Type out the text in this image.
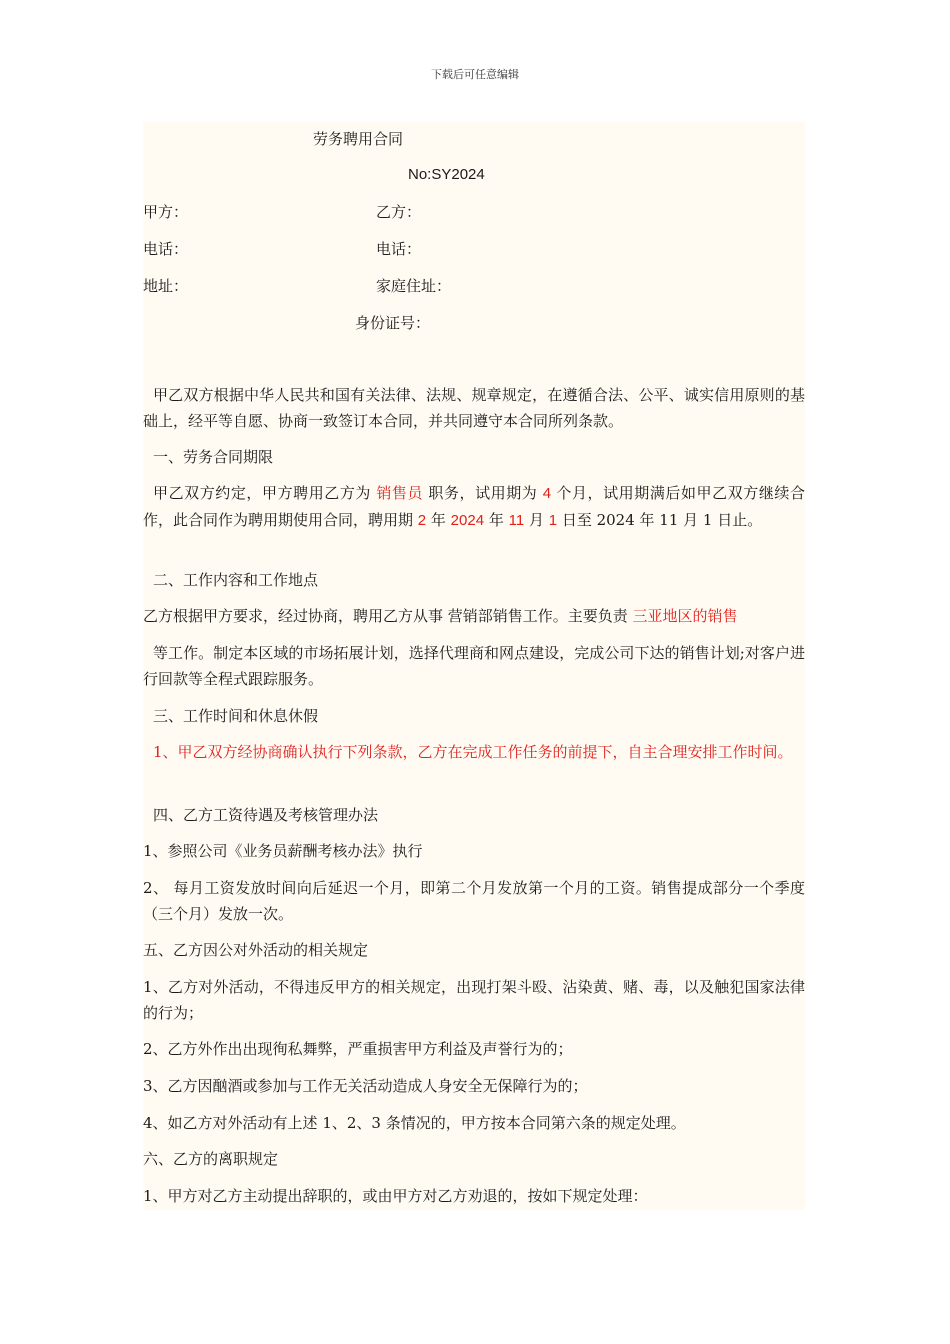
下载后可任意编辑
劳务聘用合同
No:SY2024
甲方：	乙方：
电话：	电话：
地址：	家庭住址：
身份证号：
甲乙双方根据中华人民共和国有关法律、法规、规章规定，在遵循合法、公平、诚实信用原则的基础上，经平等自愿、协商一致签订本合同，并共同遵守本合同所列条款。
一、劳务合同期限
甲乙双方约定，甲方聘用乙方为 销售员 职务，试用期为 4 个月，试用期满后如甲乙双方继续合作，此合同作为聘用期使用合同，聘用期 2 年 2024 年 11 月 1 日至 2024 年 11 月 1 日止。
二、工作内容和工作地点
乙方根据甲方要求，经过协商，聘用乙方从事 营销部销售工作。主要负责 三亚地区的销售
等工作。制定本区域的市场拓展计划，选择代理商和网点建设，完成公司下达的销售计划;对客户进行回款等全程式跟踪服务。
三、工作时间和休息休假
1、甲乙双方经协商确认执行下列条款，乙方在完成工作任务的前提下，自主合理安排工作时间。
四、乙方工资待遇及考核管理办法
1、参照公司《业务员薪酬考核办法》执行
2、 每月工资发放时间向后延迟一个月，即第二个月发放第一个月的工资。销售提成部分一个季度（三个月）发放一次。
五、乙方因公对外活动的相关规定
1、乙方对外活动，不得违反甲方的相关规定，出现打架斗殴、沾染黄、赌、毒，以及触犯国家法律的行为；
2、乙方外作出出现徇私舞弊，严重损害甲方利益及声誉行为的；
3、乙方因酗酒或参加与工作无关活动造成人身安全无保障行为的；
4、如乙方对外活动有上述 1、2、3 条情况的，甲方按本合同第六条的规定处理。
六、乙方的离职规定
1、甲方对乙方主动提出辞职的，或由甲方对乙方劝退的，按如下规定处理：
